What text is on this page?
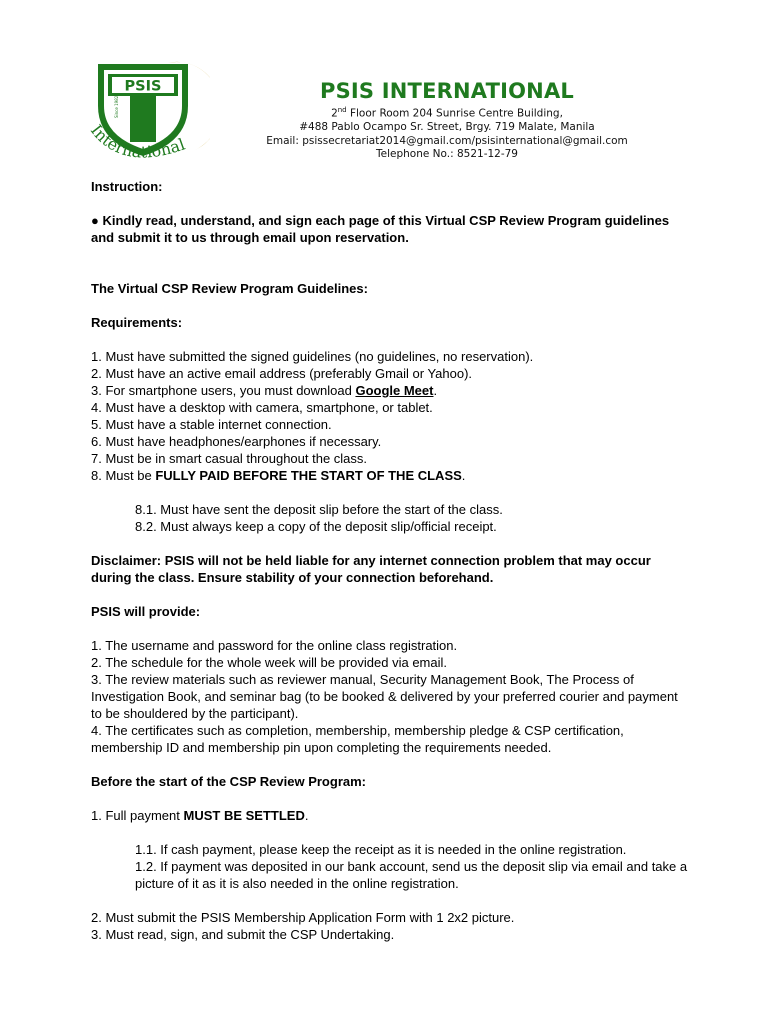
PSIS
Since 1982
International
PSIS INTERNATIONAL
2nd Floor Room 204 Sunrise Centre Building,
#488 Pablo Ocampo Sr. Street, Brgy. 719 Malate, Manila
Email: psissecretariat2014@gmail.com/psisinternational@gmail.com
Telephone No.: 8521-12-79

Instruction:

● Kindly read, understand, and sign each page of this Virtual CSP Review Program guidelines and submit it to us through email upon reservation.

The Virtual CSP Review Program Guidelines:

Requirements:

1. Must have submitted the signed guidelines (no guidelines, no reservation).

2. Must have an active email address (preferably Gmail or Yahoo).

3. For smartphone users, you must download Google Meet.

4. Must have a desktop with camera, smartphone, or tablet.

5. Must have a stable internet connection.

6. Must have headphones/earphones if necessary.

7. Must be in smart casual throughout the class.

8. Must be FULLY PAID BEFORE THE START OF THE CLASS.

8.1. Must have sent the deposit slip before the start of the class.

8.2. Must always keep a copy of the deposit slip/official receipt.

Disclaimer: PSIS will not be held liable for any internet connection problem that may occur during the class. Ensure stability of your connection beforehand.

PSIS will provide:

1. The username and password for the online class registration.

2. The schedule for the whole week will be provided via email.

3. The review materials such as reviewer manual, Security Management Book, The Process of Investigation Book, and seminar bag (to be booked & delivered by your preferred courier and payment to be shouldered by the participant).

4. The certificates such as completion, membership, membership pledge & CSP certification, membership ID and membership pin upon completing the requirements needed.

Before the start of the CSP Review Program:

1. Full payment MUST BE SETTLED.

1.1. If cash payment, please keep the receipt as it is needed in the online registration.

1.2. If payment was deposited in our bank account, send us the deposit slip via email and take a picture of it as it is also needed in the online registration.

2. Must submit the PSIS Membership Application Form with 1 2x2 picture.

3. Must read, sign, and submit the CSP Undertaking.
